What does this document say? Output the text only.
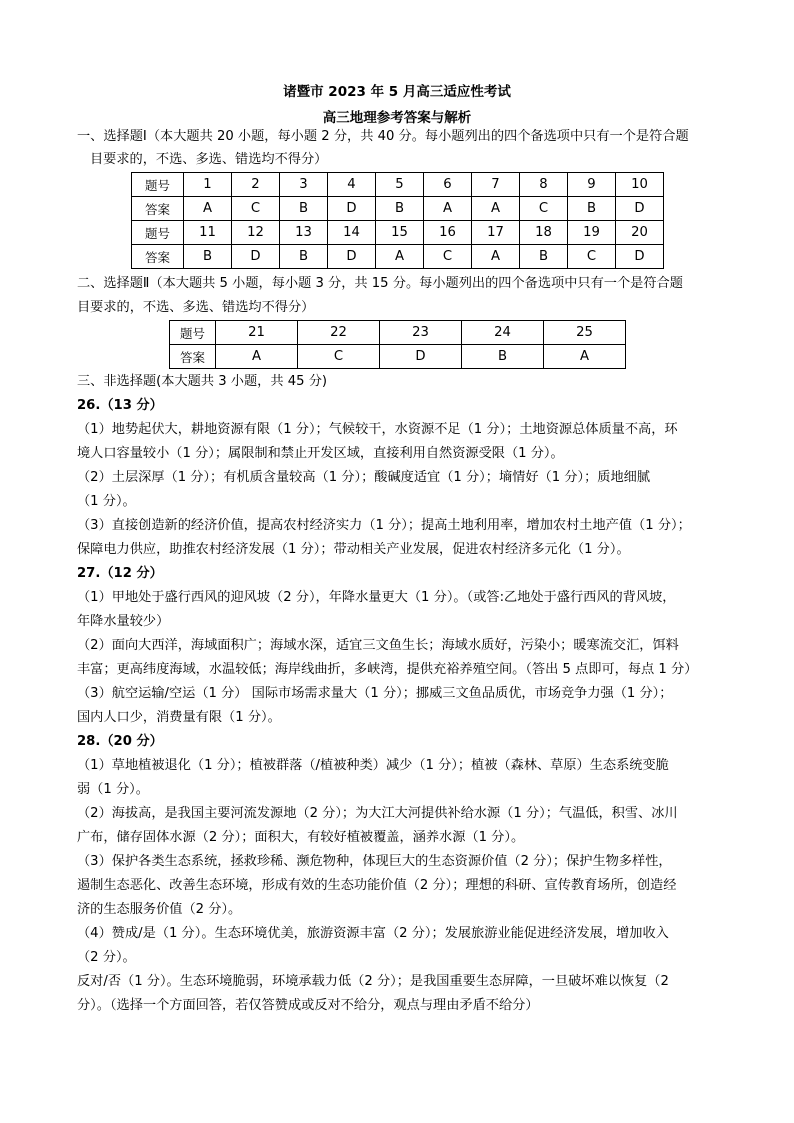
诸暨市 2023 年 5 月高三适应性考试
高三地理参考答案与解析
一、选择题Ⅰ（本大题共 20 小题，每小题 2 分，共 40 分。每小题列出的四个备选项中只有一个是符合题
目要求的，不选、多选、错选均不得分）
题号	1	2	3	4	5	6	7	8	9	10
答案	A	C	B	D	B	A	A	C	B	D
题号	11	12	13	14	15	16	17	18	19	20
答案	B	D	B	D	A	C	A	B	C	D
二、选择题Ⅱ（本大题共 5 小题，每小题 3 分，共 15 分。每小题列出的四个备选项中只有一个是符合题
目要求的，不选、多选、错选均不得分）
题号	21	22	23	24	25
答案	A	C	D	B	A
三、非选择题(本大题共 3 小题，共 45 分)
26.（13 分）
（1）地势起伏大，耕地资源有限（1 分）；气候较干，水资源不足（1 分）；土地资源总体质量不高，环
境人口容量较小（1 分）；属限制和禁止开发区域，直接利用自然资源受限（1 分）。
（2）土层深厚（1 分）；有机质含量较高（1 分）；酸碱度适宜（1 分）；墒情好（1 分）；质地细腻
（1 分）。
（3）直接创造新的经济价值，提高农村经济实力（1 分）；提高土地利用率，增加农村土地产值（1 分）；
保障电力供应，助推农村经济发展（1 分）；带动相关产业发展，促进农村经济多元化（1 分）。
27.（12 分）
（1）甲地处于盛行西风的迎风坡（2 分），年降水量更大（1 分）。（或答:乙地处于盛行西风的背风坡，
年降水量较少）
（2）面向大西洋，海域面积广；海域水深，适宜三文鱼生长；海域水质好，污染小；暖寒流交汇，饵料
丰富；更高纬度海域，水温较低；海岸线曲折，多峡湾，提供充裕养殖空间。（答出 5 点即可，每点 1 分）
（3）航空运输/空运（1 分） 国际市场需求量大（1 分）；挪威三文鱼品质优，市场竞争力强（1 分）；
国内人口少，消费量有限（1 分）。
28.（20 分）
（1）草地植被退化（1 分）；植被群落（/植被种类）减少（1 分）；植被（森林、草原）生态系统变脆
弱（1 分）。
（2）海拔高，是我国主要河流发源地（2 分）；为大江大河提供补给水源（1 分）；气温低，积雪、冰川
广布，储存固体水源（2 分）；面积大，有较好植被覆盖，涵养水源（1 分）。
（3）保护各类生态系统，拯救珍稀、濒危物种，体现巨大的生态资源价值（2 分）；保护生物多样性，
遏制生态恶化、改善生态环境，形成有效的生态功能价值（2 分）；理想的科研、宣传教育场所，创造经
济的生态服务价值（2 分）。
（4）赞成/是（1 分）。生态环境优美，旅游资源丰富（2 分）；发展旅游业能促进经济发展，增加收入
（2 分）。
反对/否（1 分）。生态环境脆弱，环境承载力低（2 分）；是我国重要生态屏障，一旦破坏难以恢复（2
分）。（选择一个方面回答，若仅答赞成或反对不给分，观点与理由矛盾不给分）
